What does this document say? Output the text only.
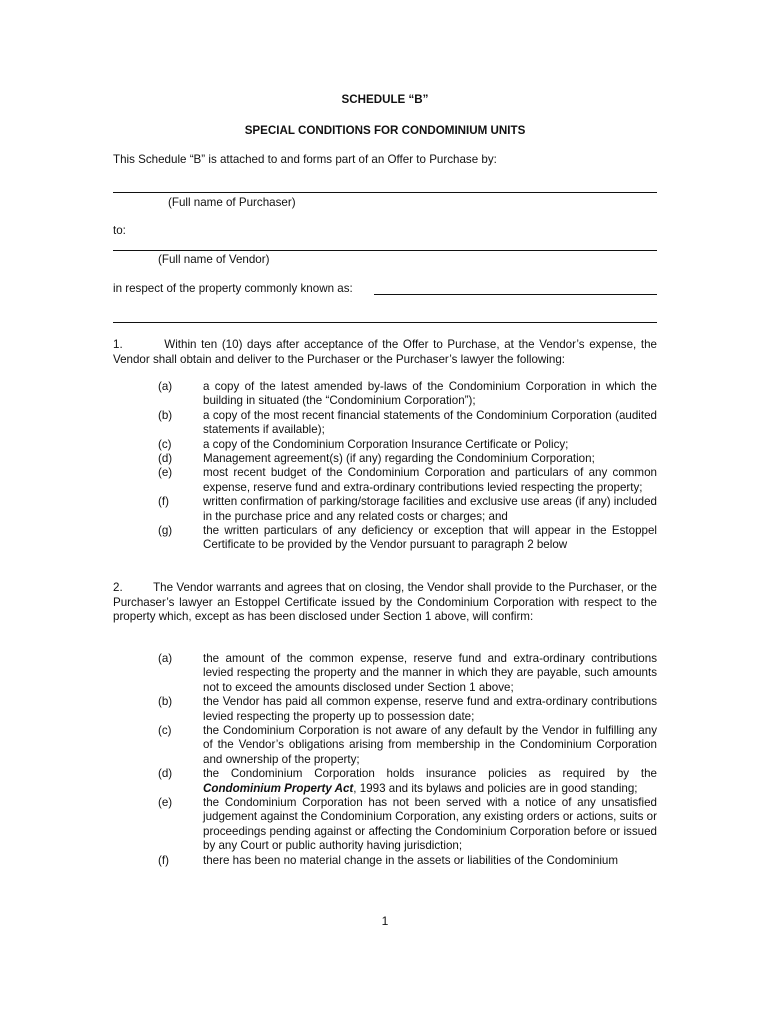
SCHEDULE “B”
SPECIAL CONDITIONS FOR CONDOMINIUM UNITS
This Schedule “B” is attached to and forms part of an Offer to Purchase by:
(Full name of Purchaser)
to:
(Full name of Vendor)
in respect of the property commonly known as:
1.         Within ten (10) days after acceptance of the Offer to Purchase, at the Vendor’s expense, the Vendor shall obtain and deliver to the Purchaser or the Purchaser’s lawyer the following:
(a)	a copy of the latest amended by-laws of the Condominium Corporation in which the building in situated (the “Condominium Corporation”);
(b)	a copy of the most recent financial statements of the Condominium Corporation (audited statements if available);
(c)	a copy of the Condominium Corporation Insurance Certificate or Policy;
(d)	Management agreement(s) (if any) regarding the Condominium Corporation;
(e)	most recent budget of the Condominium Corporation and particulars of any common expense, reserve fund and extra-ordinary contributions levied respecting the property;
(f)	written confirmation of parking/storage facilities and exclusive use areas (if any) included in the purchase price and any related costs or charges; and
(g)	the written particulars of any deficiency or exception that will appear in the Estoppel Certificate to be provided by the Vendor pursuant to paragraph 2 below
2.         The Vendor warrants and agrees that on closing, the Vendor shall provide to the Purchaser, or the Purchaser’s lawyer an Estoppel Certificate issued by the Condominium Corporation with respect to the property which, except as has been disclosed under Section 1 above, will confirm:
(a)	the amount of the common expense, reserve fund and extra-ordinary contributions levied respecting the property and the manner in which they are payable, such amounts not to exceed the amounts disclosed under Section 1 above;
(b)	the Vendor has paid all common expense, reserve fund and extra-ordinary contributions levied respecting the property up to possession date;
(c)	the Condominium Corporation is not aware of any default by the Vendor in fulfilling any of the Vendor’s obligations arising from membership in the Condominium Corporation and ownership of the property;
(d)	the Condominium Corporation holds insurance policies as required by the Condominium Property Act, 1993 and its bylaws and policies are in good standing;
(e)	the Condominium Corporation has not been served with a notice of any unsatisfied judgement against the Condominium Corporation, any existing orders or actions, suits or proceedings pending against or affecting the Condominium Corporation before or issued by any Court or public authority having jurisdiction;
(f)	there has been no material change in the assets or liabilities of the Condominium
1
